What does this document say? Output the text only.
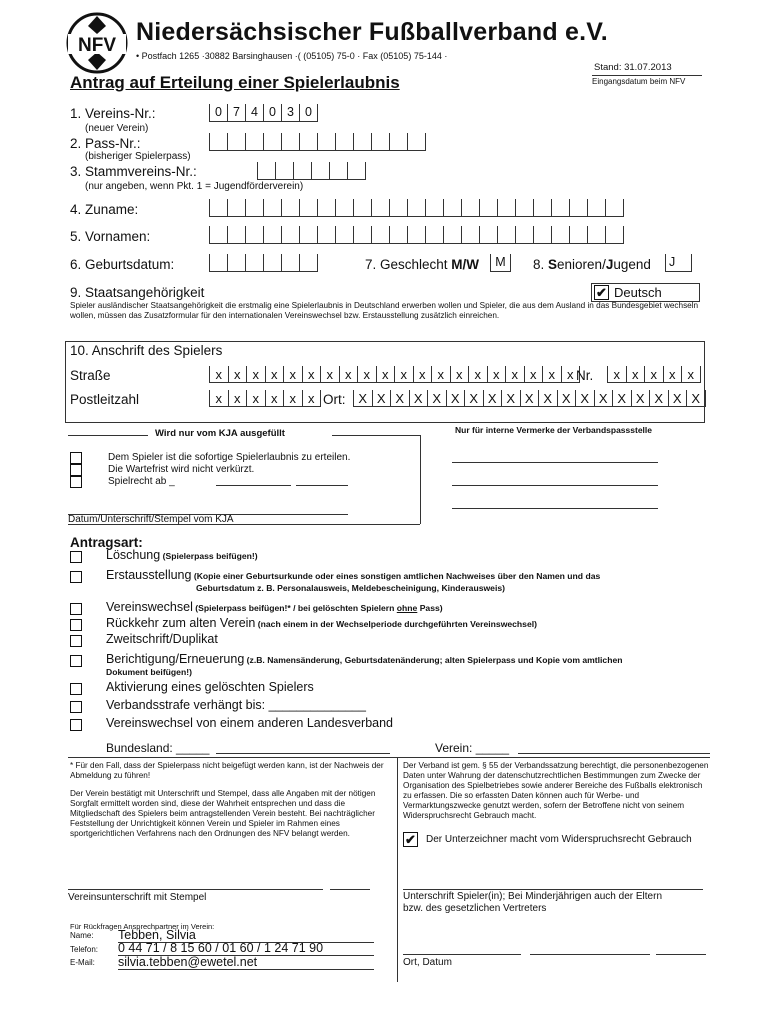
NFV Niedersächsischer Fußballverband e.V.
• Postfach 1265 ·30882 Barsinghausen ·( (05105) 75-0 · Fax (05105) 75-144 ·
Stand: 31.07.2013
Eingangsdatum beim NFV
Antrag auf Erteilung einer Spielerlaubnis
1. Vereins-Nr.:	0 7 4 0 3 0
(neuer Verein)
2. Pass-Nr.:
(bisheriger Spielerpass)
3. Stammvereins-Nr.:
(nur angeben, wenn Pkt. 1 = Jugendförderverein)
4. Zuname:
5. Vornamen:
6. Geburtsdatum:	7. Geschlecht M/W	M	8. Senioren/Jugend	J
9. Staatsangehörigkeit	✔ Deutsch
Spieler ausländischer Staatsangehörigkeit die erstmalig eine Spielerlaubnis in Deutschland erwerben wollen und Spieler, die aus dem Ausland in das Bundesgebiet wechseln wollen, müssen das Zusatzformular für den internationalen Vereinswechsel bzw. Erstausstellung zusätzlich einreichen.
10. Anschrift des Spielers
Straße	x x x x x x x x x x x x x x x x x x x x Nr.	x x x x x
Postleitzahl	x x x x x x Ort: X X X X X X X X X X X X X X X X X X X
Wird nur vom KJA ausgefüllt	Nur für interne Vermerke der Verbandspassstelle
Dem Spieler ist die sofortige Spielerlaubnis zu erteilen.
Die Wartefrist wird nicht verkürzt.
Spielrecht ab _
Datum/Unterschrift/Stempel vom KJA
Antragsart:
Löschung (Spielerpass beifügen!)
Erstausstellung (Kopie einer Geburtsurkunde oder eines sonstigen amtlichen Nachweises über den Namen und das
Geburtsdatum z. B. Personalausweis, Meldebescheinigung, Kinderausweis)
Vereinswechsel (Spielerpass beifügen!* / bei gelöschten Spielern ohne Pass)
Rückkehr zum alten Verein (nach einem in der Wechselperiode durchgeführten Vereinswechsel)
Zweitschrift/Duplikat
Berichtigung/Erneuerung (z.B. Namensänderung, Geburtsdatenänderung; alten Spielerpass und Kopie vom amtlichen
Dokument beifügen!)
Aktivierung eines gelöschten Spielers
Verbandsstrafe verhängt bis: ______________
Vereinswechsel von einem anderen Landesverband
Bundesland: _____	Verein: _____
* Für den Fall, dass der Spielerpass nicht beigefügt werden kann, ist der Nachweis der Abmeldung zu führen!
Der Verein bestätigt mit Unterschrift und Stempel, dass alle Angaben mit der nötigen Sorgfalt ermittelt worden sind, diese der Wahrheit entsprechen und dass die Mitgliedschaft des Spielers beim antragstellenden Verein besteht. Bei nachträglicher Feststellung der Unrichtigkeit können Verein und Spieler im Rahmen eines sportgerichtlichen Verfahrens nach den Ordnungen des NFV belangt werden.
Der Verband ist gem. § 55 der Verbandssatzung berechtigt, die personenbezogenen Daten unter Wahrung der datenschutzrechtlichen Bestimmungen zum Zwecke der Organisation des Spielbetriebes sowie anderer Bereiche des Fußballs elektronisch zu erfassen. Die so erfassten Daten können auch für Werbe- und Vermarktungszwecke genutzt werden, sofern der Betroffene nicht von seinem Widerspruchsrecht Gebrauch macht.
✔ Der Unterzeichner macht vom Widerspruchsrecht Gebrauch
Vereinsunterschrift mit Stempel	Unterschrift Spieler(in); Bei Minderjährigen auch der Eltern
bzw. des gesetzlichen Vertreters
Ort, Datum
Für Rückfragen Ansprechpartner im Verein:
Name: Tebben, Silvia
Telefon: 0 44 71 / 8 15 60 / 01 60 / 1 24 71 90
E-Mail: silvia.tebben@ewetel.net
